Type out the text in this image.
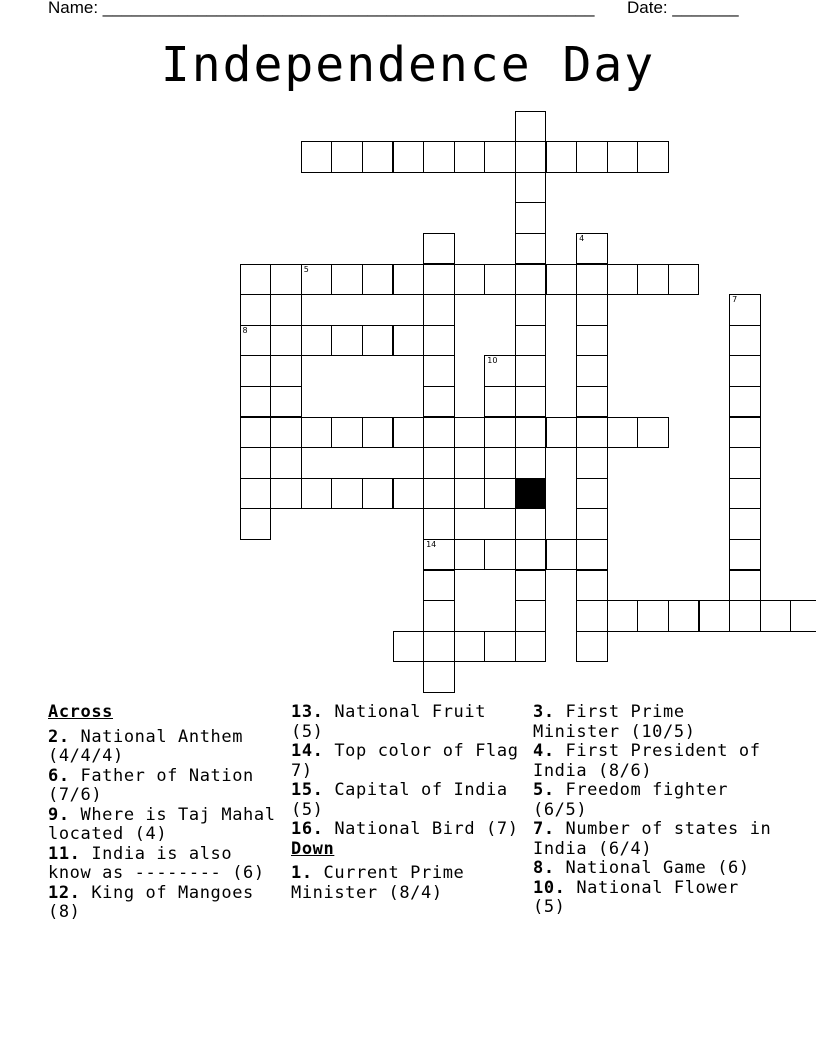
Name: ____________________________________________________ Date: _______
Independence Day
14
4
8
5
7
10
Across
2. National Anthem (4/4/4)
6. Father of Nation (7/6)
9. Where is Taj Mahal located (4)
11. India is also know as -------- (6)
12. King of Mangoes (8)
13. National Fruit (5)
14. Top color of Flag 7)
15. Capital of India (5)
16. National Bird (7)
Down
1. Current Prime Minister (8/4)
3. First Prime Minister (10/5)
4. First President of India (8/6)
5. Freedom fighter (6/5)
7. Number of states in India (6/4)
8. National Game (6)
10. National Flower (5)
